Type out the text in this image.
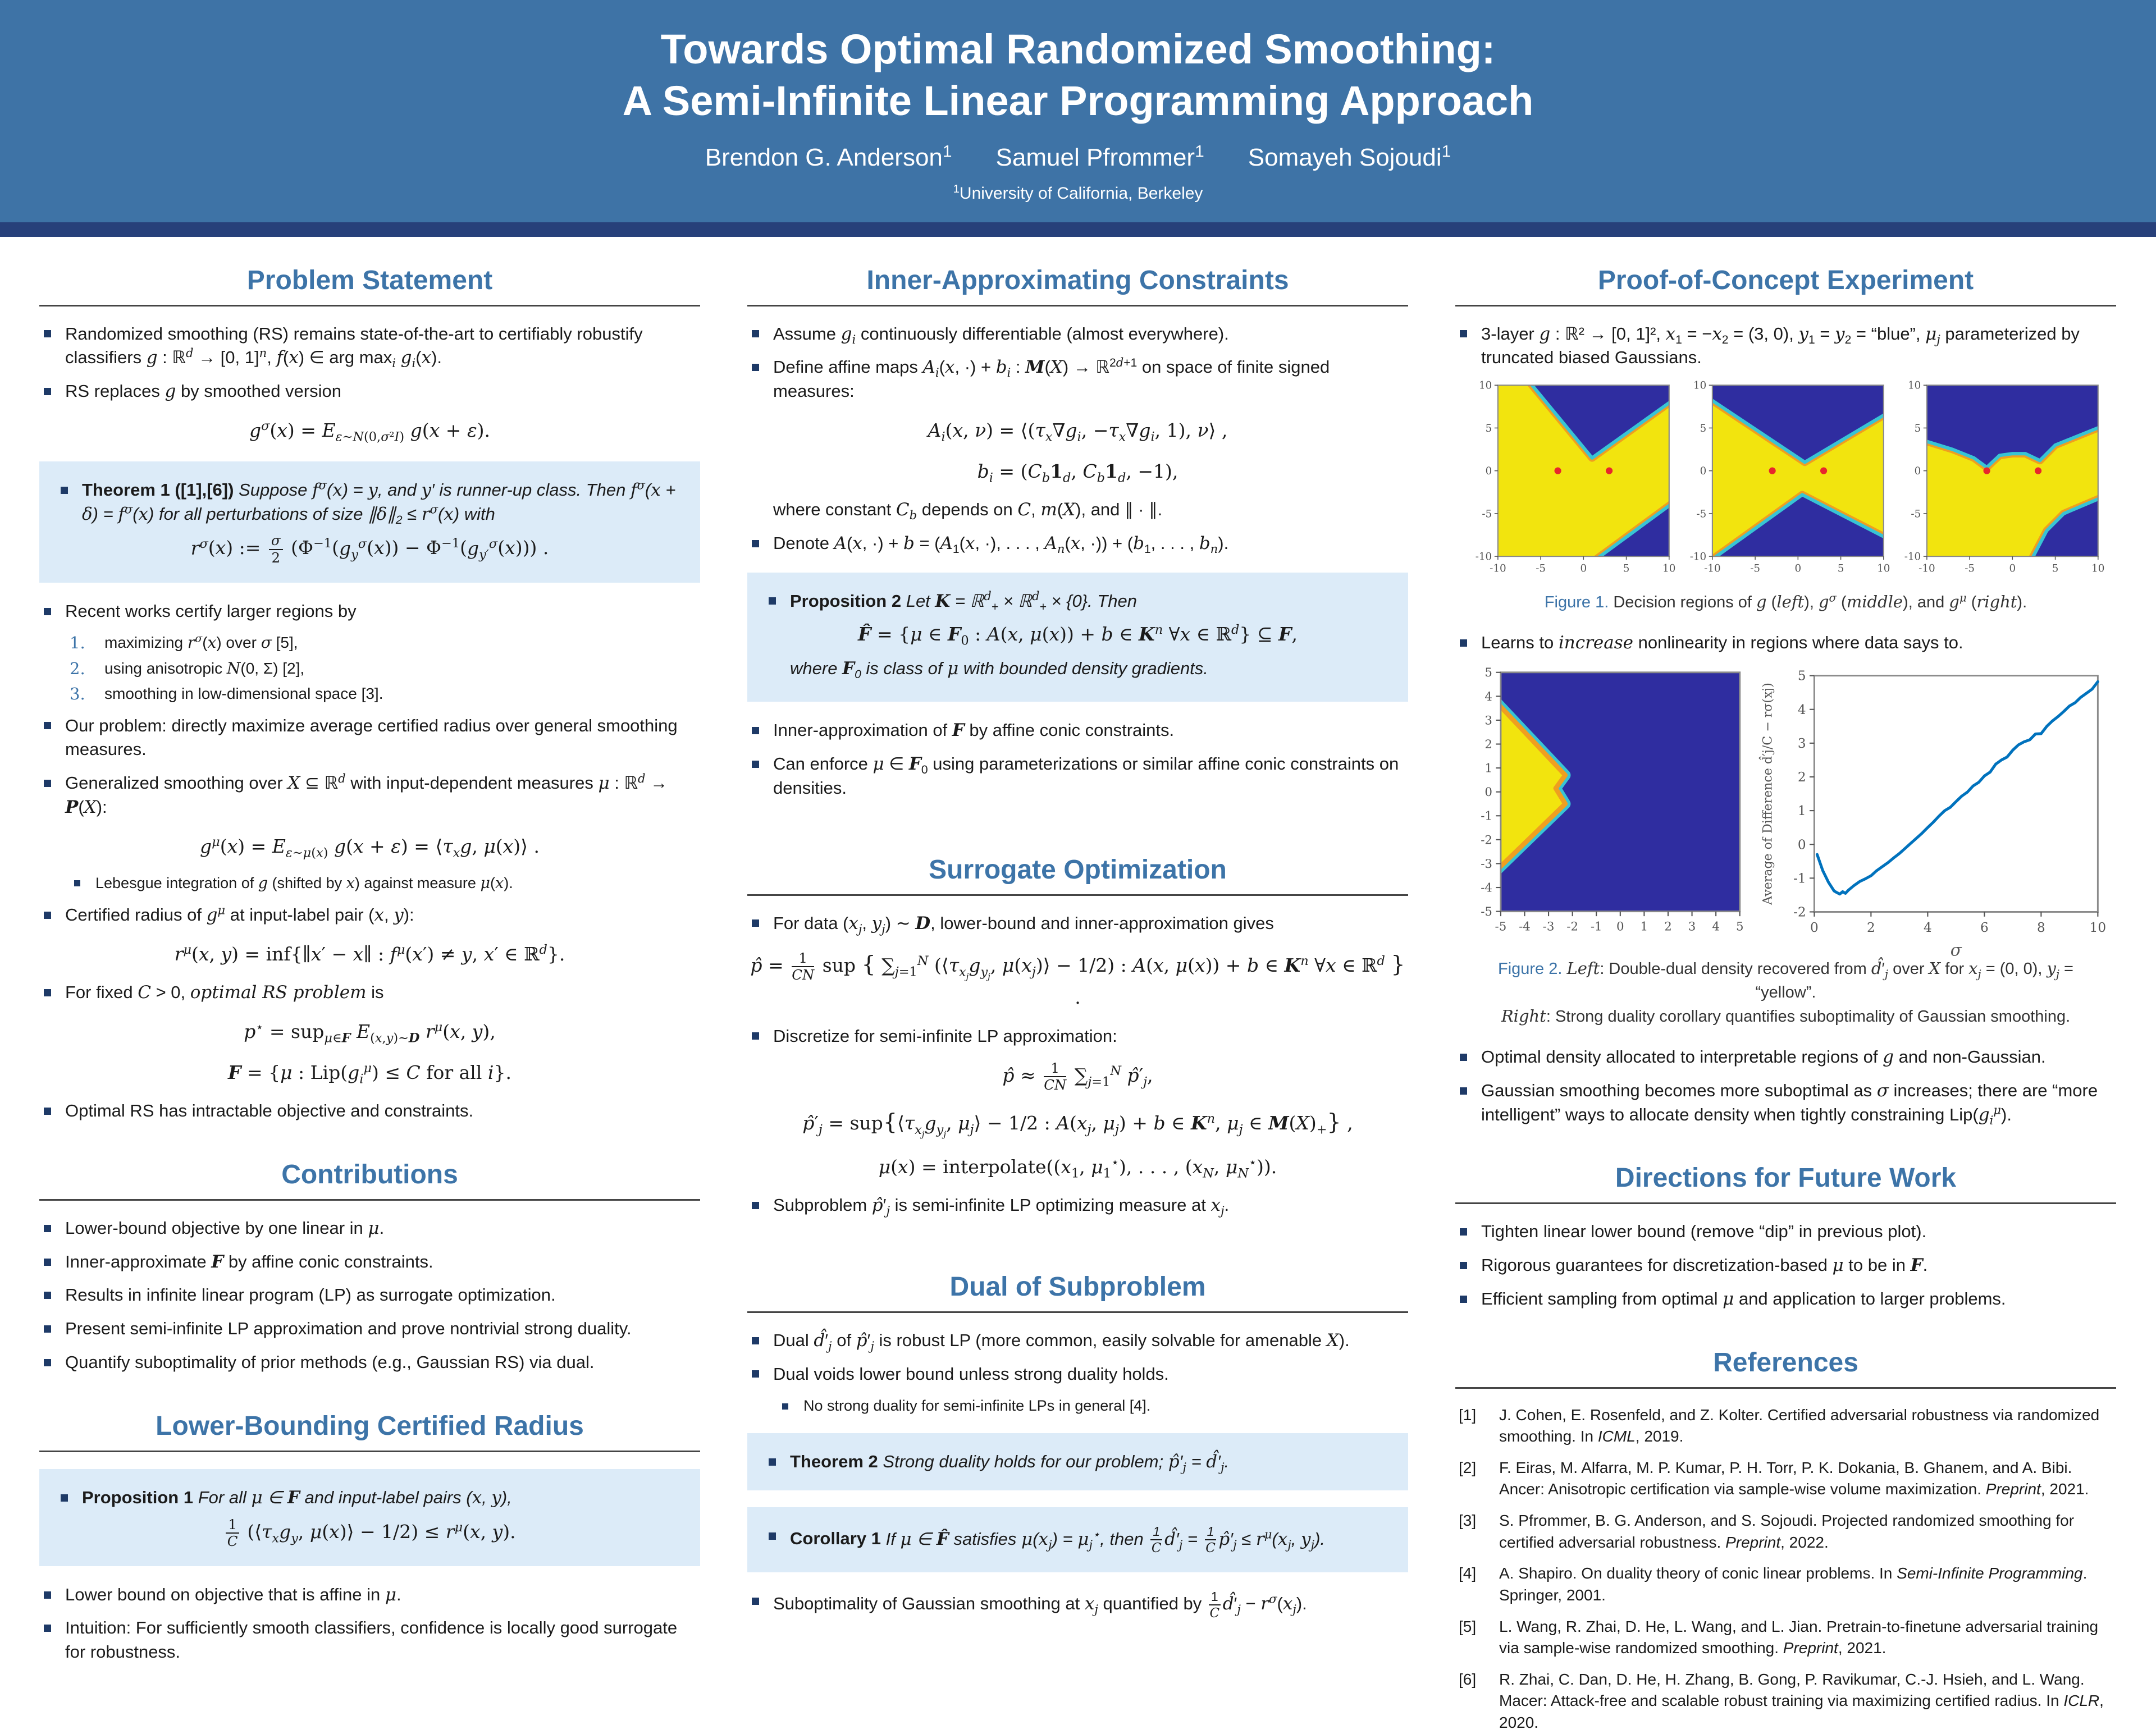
Towards Optimal Randomized Smoothing:
A Semi-Infinite Linear Programming Approach
Brendon G. Anderson$^1$ Samuel Pfrommer$^1$ Somayeh Sojoudi$^1$
$^1$University of California, Berkeley
Problem Statement
Randomized smoothing (RS) remains state-of-the-art to certifiably robustify classifiers g : ℝ$^d$ → [0, 1]$^n$, f(x) ∈ arg $\max_i g_i(x)$.
RS replaces g by smoothed version
$g^\sigma(x) = E_{\varepsilon\sim N(0,\sigma^2I)}$ g(x + ε).
Theorem 1 ([1],[6]) Suppose $f^\sigma(x) = y$, and y′ is runner-up class. Then $f^\sigma(x + \delta) = f^\sigma(x)$ for all perturbations of size $\parallel\delta\parallel_2 \le r^\sigma(x)$ with
$r^\sigma(x)$ := $\frac{\sigma}{2} (\Phi^{-1}(g_y^\sigma(x)) - \Phi^{-1}(g_{y'}^\sigma(x)))$ .
Recent works certify larger regions by
1. maximizing $r^\sigma(x)$ over σ [5],
2. using anisotropic N(0, Σ) [2],
3. smoothing in low-dimensional space [3].
Our problem: directly maximize average certified radius over general smoothing measures.
Generalized smoothing over X ⊆ ℝ$^d$ with input-dependent measures μ : ℝ$^d$ → P(X):
$g^\mu(x) = E_{\varepsilon\sim\mu(x)}$ $g(x + \varepsilon) = ⟨\tau_xg$, μ(x)⟩ .
Lebesgue integration of g (shifted by x) against measure μ(x).
Certified radius of $g^\mu$ at input-label pair (x, y):
$r^\mu(x$, y) = inf{∥x′ − x∥ : $f^\mu(x') \ne y$, x′ ∈ ℝ$^d$}.
For fixed C > 0, optimal RS problem is
p⋆ = sup$_{\mu\in F}$ $E_{(x,y)\sim D}$ $r^\mu(x$, y),
F = {μ : $Lip(g_i^\mu) \le C$ for all i}.
Optimal RS has intractable objective and constraints.
Contributions
Lower-bound objective by one linear in μ.
Inner-approximate F by affine conic constraints.
Results in infinite linear program (LP) as surrogate optimization.
Present semi-infinite LP approximation and prove nontrivial strong duality.
Quantify suboptimality of prior methods (e.g., Gaussian RS) via dual.
Lower-Bounding Certified Radius
Proposition 1 For all μ ∈ F and input-label pairs (x, y),
$\frac{1}{C}$ ($⟨\tau_xg_y$, μ(x)⟩ − $1/2) \le r^\mu(x$, y).
Lower bound on objective that is affine in μ.
Intuition: For sufficiently smooth classifiers, confidence is locally good surrogate for robustness.
Inner-Approximating Constraints
Assume $g_i$ continuously differentiable (almost everywhere).
Define affine maps $A_i(x$, ·) + $b_i$ : M(X) → ℝ$^{2d+1}$ on space of finite signed measures:
$A_i(x$, $\nu) = ⟨(\tau_x\nabla g_i$, $-\tau_x\nabla g_i$, 1), ν⟩ ,
$b_i = (C_b1_d$, $C_b1_d$, −1),
where constant $C_b$ depends on C, m(X), and ∥ · ∥.
Denote A(x, ·) + $b = (A_1(x$, ·), . . . , $A_n(x$, ·)) + ($b_1$, . . . , $b_n$).
Proposition 2 Let K = ℝ$^d_+$ × ℝ$^d_+$ × {0}. Then
F̂ = {μ ∈ $F_0$ : A(x, μ(x)) + b ∈ $K^n$ ∀x ∈ ℝ$^d$} ⊆ F,
where $F_0$ is class of μ with bounded density gradients.
Inner-approximation of F by affine conic constraints.
Can enforce μ ∈ $F_0$ using parameterizations or similar affine conic constraints on densities.
Surrogate Optimization
For data ($x_j$, $y_j$) ∼ D, lower-bound and inner-approximation gives
p̂ = $\frac{1}{CN}$ sup { $\sum_{j=1}^N$ ($⟨\tau_{x_j}g_{y_j}$, $\mu(x_j)⟩ - 1/2$) : A(x, μ(x)) + b ∈ $K^n$ ∀x ∈ ℝ$^d$ } .
Discretize for semi-infinite LP approximation:
p̂ ≈ $\frac{1}{CN} \sum_{j=1}^N$ $p̂'_j$,
$p̂'_j$ = $sup\{⟨\tau_{x_j}g_{y_j}$, $\mu_j⟩ - 1/2$ : $A(x_j$, $\mu_j) + b$ ∈ $K^n$, $\mu_j$ ∈ $M(X)_+$} ,
$\mu(x) = interpolate((x_1$, $\mu_1^⋆$), . . . , ($x_N$, $\mu_N^⋆$)).
Subproblem $p̂'_j$ is semi-infinite LP optimizing measure at $x_j$.
Dual of Subproblem
Dual $d̂'_j$ of $p̂'_j$ is robust LP (more common, easily solvable for amenable X).
Dual voids lower bound unless strong duality holds.
No strong duality for semi-infinite LPs in general [4].
Theorem 2 Strong duality holds for our problem; $p̂'_j$ = $d̂'_j$.
Corollary 1 If μ ∈ F̂ satisfies $\mu(x_j) = \mu_j^⋆$, then $\frac{1}{C}$ $d̂'_j = \frac{1}{C}$ $p̂'_j \le r^\mu(x_j$, $y_j$).
Suboptimality of Gaussian smoothing at $x_j$ quantified by $\frac{1}{C}$ $d̂'_j - r^\sigma(x_j)$.
Proof-of-Concept Experiment
3-layer g : ℝ² → [0, 1]², $x_1 = -x_2 = (3$, 0), $y_1 = y_2$ = “blue”, $\mu_j$ parameterized by truncated biased Gaussians.
-10	-5	0	5	10
-10
-5
0
5
10
-10	-5	0	5	10
-10
-5
0
5
10
-10	-5	0	5	10
-10
-5
0
5
10
Figure 1. Decision regions of g (left), $g^\sigma$ (middle), and $g^\mu$ (right).
Learns to increase nonlinearity in regions where data says to.
-5 -4 -3 -2 -1	0	1	2	3	4	5
-5
-4
-3
-2
-1
0
1
2
3
4
5
0	2	4	6	8	10
-2
-1
0
1
2
3
4
5
σ
Average of Difference d̂′j/C − rσ(xj)
Figure 2. Left: Double-dual density recovered from $d̂'_j$ over X for $x_j = (0$, 0), $y_j$ = “yellow”.
Right: Strong duality corollary quantifies suboptimality of Gaussian smoothing.
Optimal density allocated to interpretable regions of g and non-Gaussian.
Gaussian smoothing becomes more suboptimal as σ increases; there are “more intelligent” ways to allocate density when tightly constraining $Lip(g_i^\mu)$.
Directions for Future Work
Tighten linear lower bound (remove “dip” in previous plot).
Rigorous guarantees for discretization-based μ to be in F.
Efficient sampling from optimal μ and application to larger problems.
References
[1] J. Cohen, E. Rosenfeld, and Z. Kolter. Certified adversarial robustness via randomized smoothing. In ICML, 2019.
[2] F. Eiras, M. Alfarra, M. P. Kumar, P. H. Torr, P. K. Dokania, B. Ghanem, and A. Bibi. Ancer: Anisotropic certification via sample-wise volume maximization. Preprint, 2021.
[3] S. Pfrommer, B. G. Anderson, and S. Sojoudi. Projected randomized smoothing for certified adversarial robustness. Preprint, 2022.
[4] A. Shapiro. On duality theory of conic linear problems. In Semi-Infinite Programming. Springer, 2001.
[5] L. Wang, R. Zhai, D. He, L. Wang, and L. Jian. Pretrain-to-finetune adversarial training via sample-wise randomized smoothing. Preprint, 2021.
[6] R. Zhai, C. Dan, D. He, H. Zhang, B. Gong, P. Ravikumar, C.-J. Hsieh, and L. Wang. Macer: Attack-free and scalable robust training via maximizing certified radius. In ICLR, 2020.
